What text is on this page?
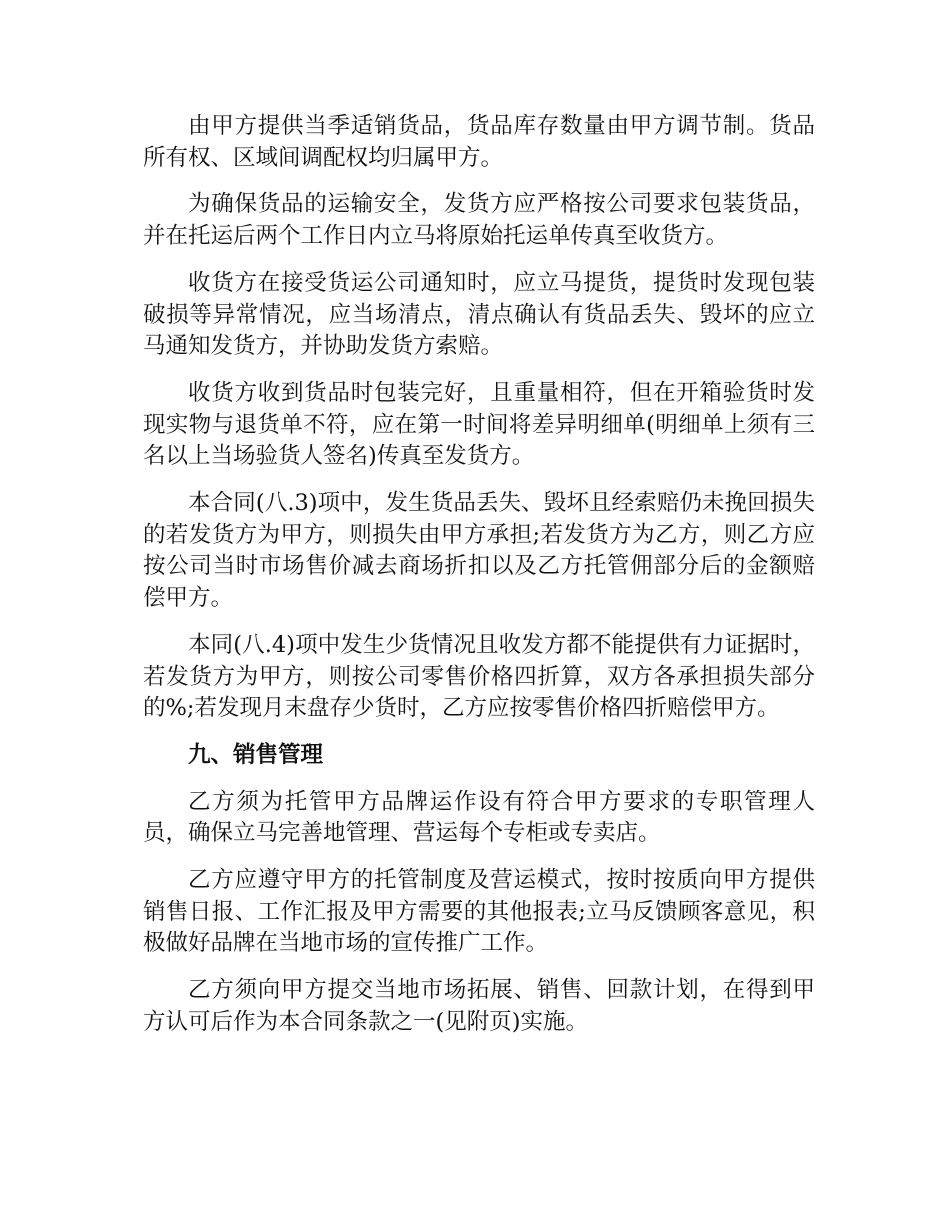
由甲方提供当季适销货品，货品库存数量由甲方调节制。货品所有权、区域间调配权均归属甲方。

为确保货品的运输安全，发货方应严格按公司要求包装货品，并在托运后两个工作日内立马将原始托运单传真至收货方。

收货方在接受货运公司通知时，应立马提货，提货时发现包装破损等异常情况，应当场清点，清点确认有货品丢失、毁坏的应立马通知发货方，并协助发货方索赔。

收货方收到货品时包装完好，且重量相符，但在开箱验货时发现实物与退货单不符，应在第一时间将差异明细单(明细单上须有三名以上当场验货人签名)传真至发货方。

本合同(八.3)项中，发生货品丢失、毁坏且经索赔仍未挽回损失的若发货方为甲方，则损失由甲方承担;若发货方为乙方，则乙方应按公司当时市场售价减去商场折扣以及乙方托管佣部分后的金额赔偿甲方。

本同(八.4)项中发生少货情况且收发方都不能提供有力证据时，若发货方为甲方，则按公司零售价格四折算，双方各承担损失部分的%;若发现月末盘存少货时，乙方应按零售价格四折赔偿甲方。

九、销售管理

乙方须为托管甲方品牌运作设有符合甲方要求的专职管理人员，确保立马完善地管理、营运每个专柜或专卖店。

乙方应遵守甲方的托管制度及营运模式，按时按质向甲方提供销售日报、工作汇报及甲方需要的其他报表;立马反馈顾客意见，积极做好品牌在当地市场的宣传推广工作。

乙方须向甲方提交当地市场拓展、销售、回款计划，在得到甲方认可后作为本合同条款之一(见附页)实施。
